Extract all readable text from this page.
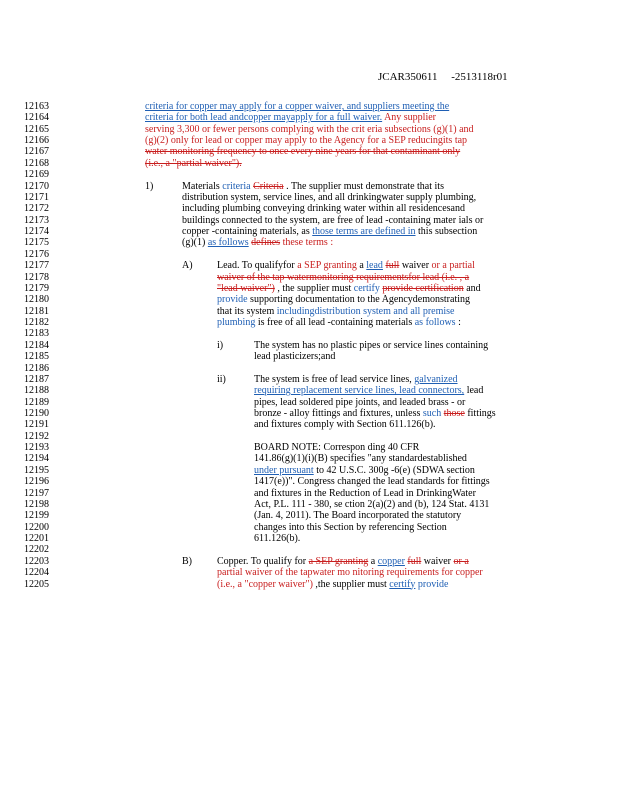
JCAR350611     -2513118r01
12163
12164
12165
12166
12167
12168
12169
12170
12171
12172
12173
12174
12175
12176
12177
12178
12179
12180
12181
12182
12183
12184
12185
12186
12187
12188
12189
12190
12191
12192
12193
12194
12195
12196
12197
12198
12199
12200
12201
12202
12203
12204
12205
1)
A)
i)
ii)
B)
criteria for copper may apply for a copper waiver, and suppliers meeting the
criteria for both lead andcopper mayapply for a full waiver. Any supplier
serving 3,300 or fewer persons complying with the crit eria subsections (g)(1) and
(g)(2) only for lead or copper may apply to the Agency for a SEP reducingits tap
water monitoring frequency to once every nine years for that contaminant only
(i.e., a "partial waiver").
Materials criteria Criteria . The supplier must demonstrate that its
distribution system, service lines, and all drinkingwater supply plumbing,
including plumbing conveying drinking water within all residencesand
buildings connected to the system, are free of lead -containing mater ials or
copper -containing materials, as those terms are defined in this subsection
(g)(1) as follows defines these terms :
Lead. To qualifyfor a SEP granting a lead full waiver or a partial
waiver of the tap watermonitoring requirementsfor lead (i.e. , a
"lead waiver") , the supplier must certify provide certification and
provide supporting documentation to the Agencydemonstrating
that its system includingdistribution system and all premise
plumbing is free of all lead -containing materials as follows :
The system has no plastic pipes or service lines containing
lead plasticizers;and
The system is free of lead service lines, galvanized
requiring replacement service lines, lead connectors, lead
pipes, lead soldered pipe joints, and leaded brass - or
bronze - alloy fittings and fixtures, unless such those fittings
and fixtures comply with Section 611.126(b).
BOARD NOTE: Correspon ding 40 CFR
141.86(g)(1)(i)(B) specifies "any standardestablished
under pursuant to 42 U.S.C. 300g -6(e) (SDWA section
1417(e))". Congress changed the lead standards for fittings
and fixtures in the Reduction of Lead in DrinkingWater
Act, P.L. 111 - 380, se ction 2(a)(2) and (b), 124 Stat. 4131
(Jan. 4, 2011). The Board incorporated the statutory
changes into this Section by referencing Section
611.126(b).
Copper. To qualify for a SEP granting a copper full waiver or a
partial waiver of the tapwater mo nitoring requirements for copper
(i.e., a "copper waiver") ,the supplier must certify provide
